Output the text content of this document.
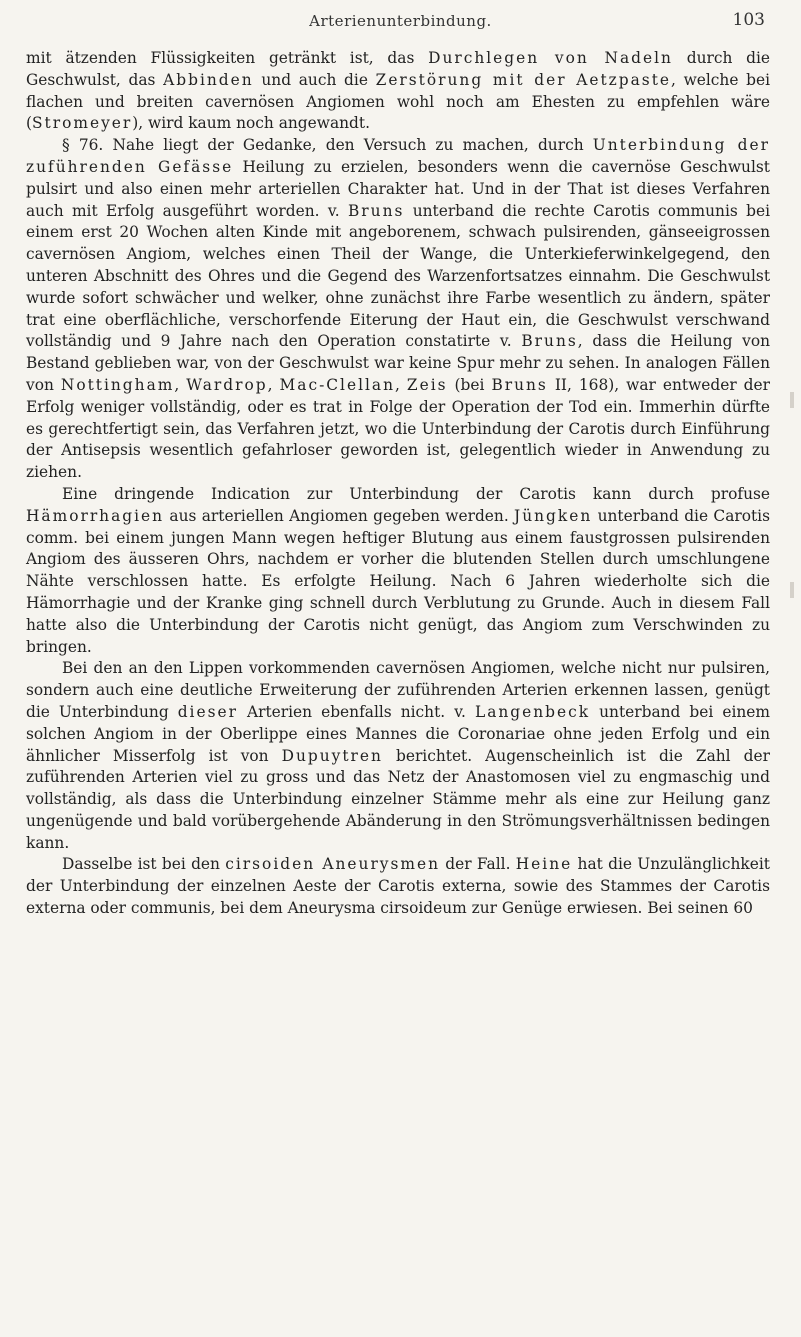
Arterienunterbindung.	103

mit ätzenden Flüssigkeiten getränkt ist, das Durchlegen von Nadeln durch die Geschwulst, das Abbinden und auch die Zerstörung mit der Aetzpaste, welche bei flachen und breiten cavernösen Angiomen wohl noch am Ehesten zu empfehlen wäre (Stromeyer), wird kaum noch angewandt.

§ 76. Nahe liegt der Gedanke, den Versuch zu machen, durch Unterbindung der zuführenden Gefässe Heilung zu erzielen, besonders wenn die cavernöse Geschwulst pulsirt und also einen mehr arteriellen Charakter hat. Und in der That ist dieses Verfahren auch mit Erfolg ausgeführt worden. v. Bruns unterband die rechte Carotis communis bei einem erst 20 Wochen alten Kinde mit angeborenem, schwach pulsirenden, gänseeigrossen cavernösen Angiom, welches einen Theil der Wange, die Unterkieferwinkelgegend, den unteren Abschnitt des Ohres und die Gegend des Warzenfortsatzes einnahm. Die Geschwulst wurde sofort schwächer und welker, ohne zunächst ihre Farbe wesentlich zu ändern, später trat eine oberflächliche, verschorfende Eiterung der Haut ein, die Geschwulst verschwand vollständig und 9 Jahre nach den Operation constatirte v. Bruns, dass die Heilung von Bestand geblieben war, von der Geschwulst war keine Spur mehr zu sehen. In analogen Fällen von Nottingham, Wardrop, Mac-Clellan, Zeis (bei Bruns II, 168), war entweder der Erfolg weniger vollständig, oder es trat in Folge der Operation der Tod ein. Immerhin dürfte es gerechtfertigt sein, das Verfahren jetzt, wo die Unterbindung der Carotis durch Einführung der Antisepsis wesentlich gefahrloser geworden ist, gelegentlich wieder in Anwendung zu ziehen.

Eine dringende Indication zur Unterbindung der Carotis kann durch profuse Hämorrhagien aus arteriellen Angiomen gegeben werden. Jüngken unterband die Carotis comm. bei einem jungen Mann wegen heftiger Blutung aus einem faustgrossen pulsirenden Angiom des äusseren Ohrs, nachdem er vorher die blutenden Stellen durch umschlungene Nähte verschlossen hatte. Es erfolgte Heilung. Nach 6 Jahren wiederholte sich die Hämorrhagie und der Kranke ging schnell durch Verblutung zu Grunde. Auch in diesem Fall hatte also die Unterbindung der Carotis nicht genügt, das Angiom zum Verschwinden zu bringen.

Bei den an den Lippen vorkommenden cavernösen Angiomen, welche nicht nur pulsiren, sondern auch eine deutliche Erweiterung der zuführenden Arterien erkennen lassen, genügt die Unterbindung dieser Arterien ebenfalls nicht. v. Langenbeck unterband bei einem solchen Angiom in der Oberlippe eines Mannes die Coronariae ohne jeden Erfolg und ein ähnlicher Misserfolg ist von Dupuytren berichtet. Augenscheinlich ist die Zahl der zuführenden Arterien viel zu gross und das Netz der Anastomosen viel zu engmaschig und vollständig, als dass die Unterbindung einzelner Stämme mehr als eine zur Heilung ganz ungenügende und bald vorübergehende Abänderung in den Strömungsverhältnissen bedingen kann.

Dasselbe ist bei den cirsoiden Aneurysmen der Fall. Heine hat die Unzulänglichkeit der Unterbindung der einzelnen Aeste der Carotis externa, sowie des Stammes der Carotis externa oder communis, bei dem Aneurysma cirsoideum zur Genüge erwiesen. Bei seinen 60
